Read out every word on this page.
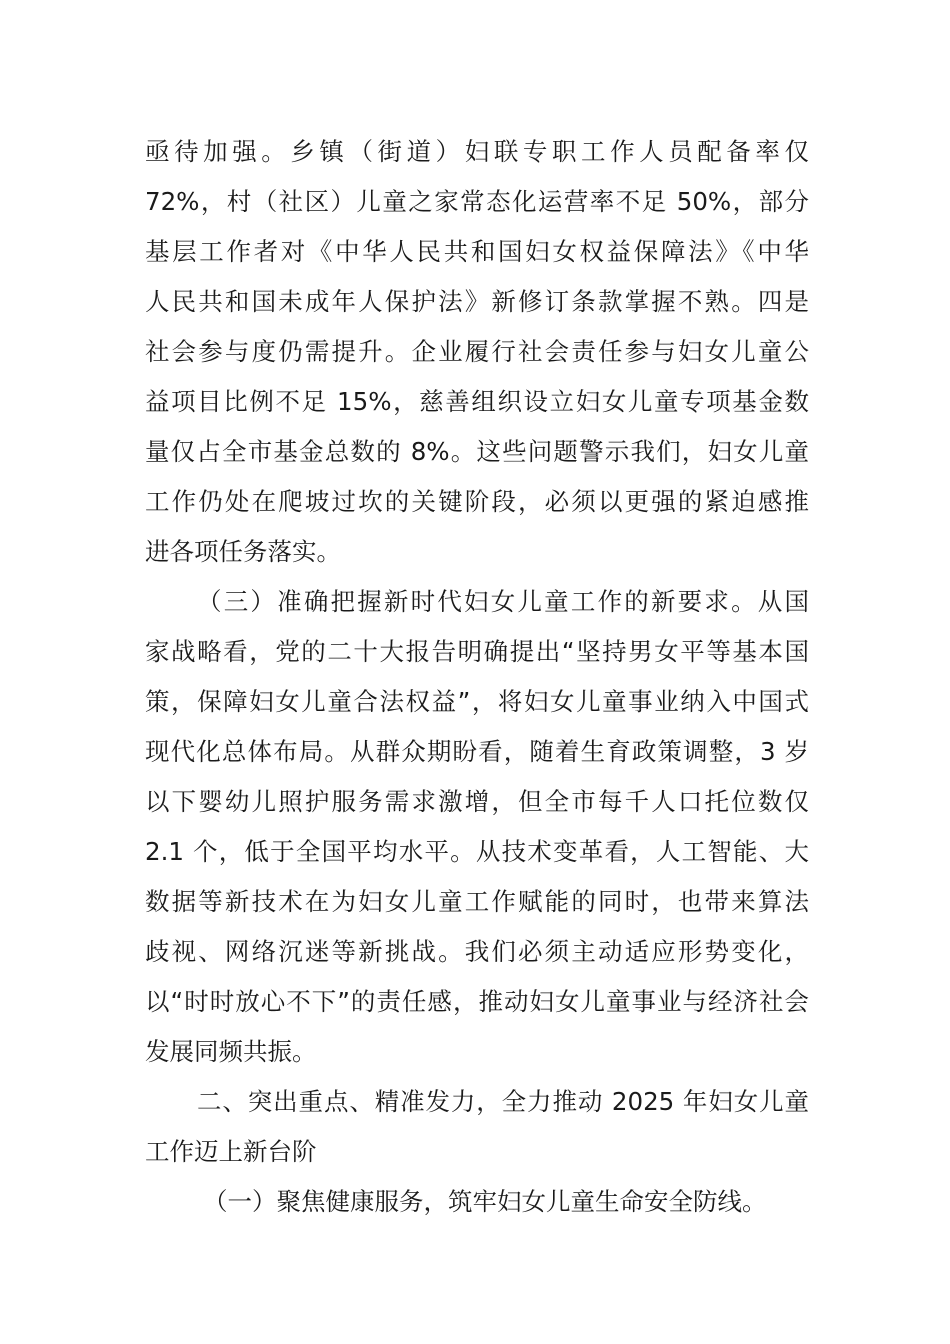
亟待加强。乡镇（街道）妇联专职工作人员配备率仅
72%，村（社区）儿童之家常态化运营率不足 50%，部分
基层工作者对《中华人民共和国妇女权益保障法》《中华
人民共和国未成年人保护法》新修订条款掌握不熟。四是
社会参与度仍需提升。企业履行社会责任参与妇女儿童公
益项目比例不足 15%，慈善组织设立妇女儿童专项基金数
量仅占全市基金总数的 8%。这些问题警示我们，妇女儿童
工作仍处在爬坡过坎的关键阶段，必须以更强的紧迫感推
进各项任务落实。
（三）准确把握新时代妇女儿童工作的新要求。从国
家战略看，党的二十大报告明确提出“坚持男女平等基本国
策，保障妇女儿童合法权益”，将妇女儿童事业纳入中国式
现代化总体布局。从群众期盼看，随着生育政策调整，3 岁
以下婴幼儿照护服务需求激增，但全市每千人口托位数仅
2.1 个，低于全国平均水平。从技术变革看，人工智能、大
数据等新技术在为妇女儿童工作赋能的同时，也带来算法
歧视、网络沉迷等新挑战。我们必须主动适应形势变化，
以“时时放心不下”的责任感，推动妇女儿童事业与经济社会
发展同频共振。
二、突出重点、精准发力，全力推动 2025 年妇女儿童
工作迈上新台阶
（一）聚焦健康服务，筑牢妇女儿童生命安全防线。
